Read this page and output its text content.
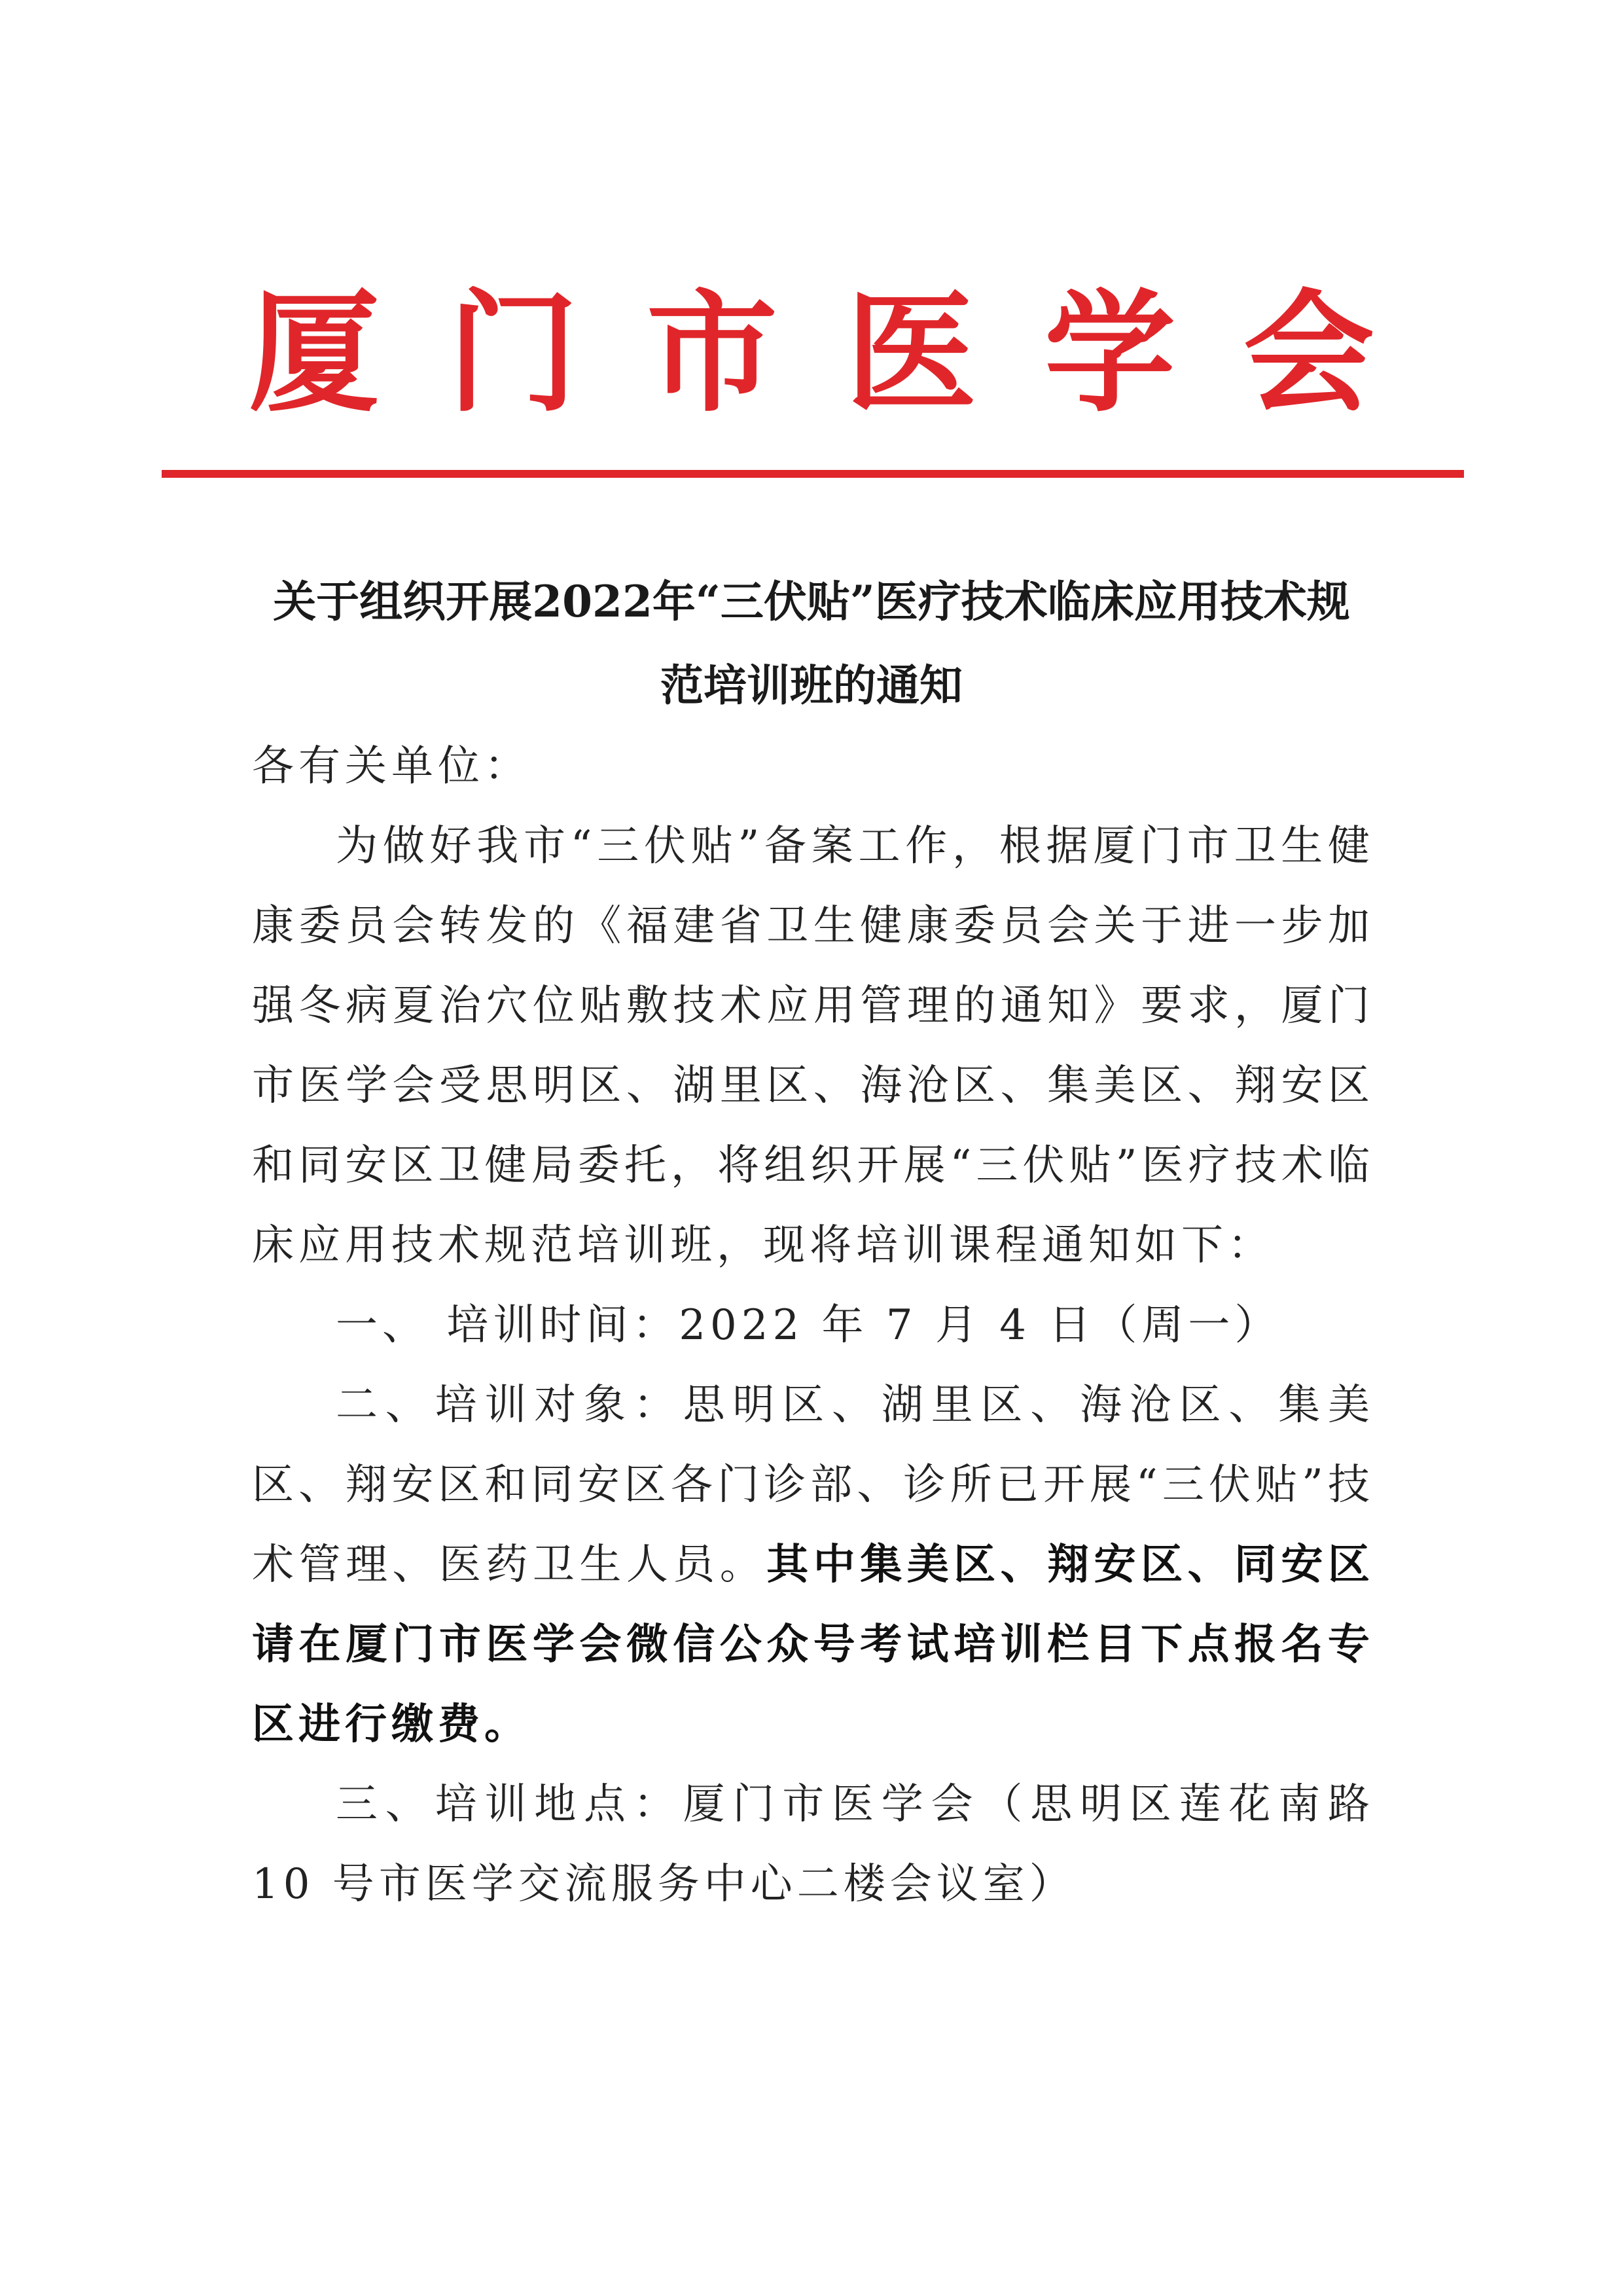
厦 门 市 医 学 会
关于组织开展2022年“三伏贴”医疗技术临床应用技术规
范培训班的通知

各有关单位：

为做好我市“三伏贴”备案工作，根据厦门市卫生健康委员会转发的《福建省卫生健康委员会关于进一步加强冬病夏治穴位贴敷技术应用管理的通知》要求，厦门市医学会受思明区、湖里区、海沧区、集美区、翔安区和同安区卫健局委托，将组织开展“三伏贴”医疗技术临床应用技术规范培训班，现将培训课程通知如下：

一、 培训时间：2022 年 7 月 4 日（周一）

二、培训对象：思明区、湖里区、海沧区、集美区、翔安区和同安区各门诊部、诊所已开展“三伏贴”技术管理、医药卫生人员。其中集美区、翔安区、同安区请在厦门市医学会微信公众号考试培训栏目下点报名专区进行缴费。

三、培训地点：厦门市医学会（思明区莲花南路 10 号市医学交流服务中心二楼会议室）
